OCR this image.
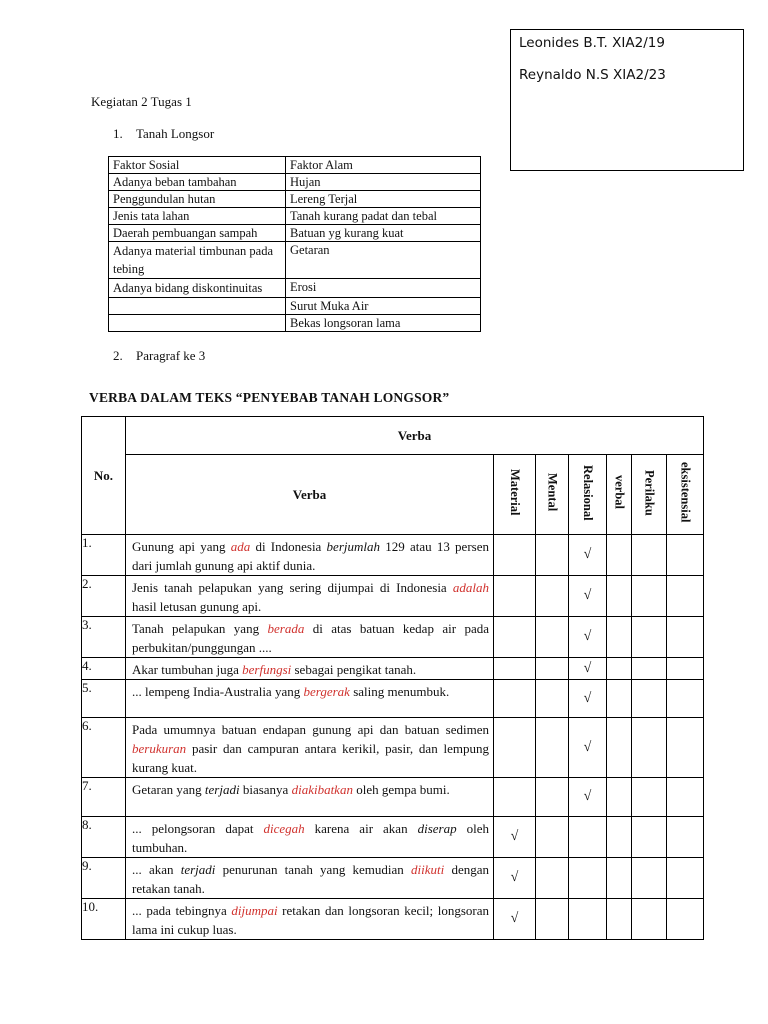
Leonides B.T. XIA2/19
Reynaldo N.S XIA2/23
Kegiatan 2 Tugas 1
1. Tanah Longsor
Faktor Sosial	Faktor Alam
Adanya beban tambahan	Hujan
Penggundulan hutan	Lereng Terjal
Jenis tata lahan	Tanah kurang padat dan tebal
Daerah pembuangan sampah	Batuan yg kurang kuat
Adanya material timbunan pada tebing	Getaran
Adanya bidang diskontinuitas	Erosi
	Surut Muka Air
	Bekas longsoran lama
2. Paragraf ke 3
VERBA DALAM TEKS “PENYEBAB TANAH LONGSOR”
No.	Verba						
	Verba	Material	Mental	Relasional	verbal	Perilaku	eksistensial
1.	Gunung api yang ada di Indonesia berjumlah 129 atau 13 persen dari jumlah gunung api aktif dunia.			√			
2.	Jenis tanah pelapukan yang sering dijumpai di Indonesia adalah hasil letusan gunung api.			√			
3.	Tanah pelapukan yang berada di atas batuan kedap air pada perbukitan/punggungan ....			√			
4.	Akar tumbuhan juga berfungsi sebagai pengikat tanah.			√			
5.	... lempeng India-Australia yang bergerak saling menumbuk.			√			
6.	Pada umumnya batuan endapan gunung api dan batuan sedimen berukuran pasir dan campuran antara kerikil, pasir, dan lempung kurang kuat.			√			
7.	Getaran yang terjadi biasanya diakibatkan oleh gempa bumi.			√			
8.	... pelongsoran dapat dicegah karena air akan diserap oleh tumbuhan.	√					
9.	... akan terjadi penurunan tanah yang kemudian diikuti dengan retakan tanah.	√					
10.	... pada tebingnya dijumpai retakan dan longsoran kecil; longsoran lama ini cukup luas.	√					
